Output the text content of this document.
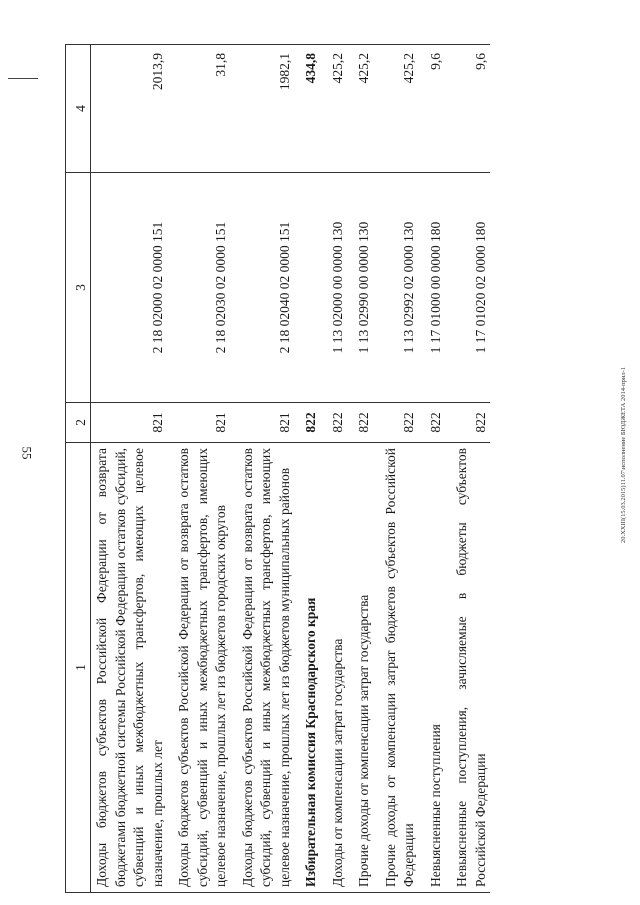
55	20.XXIII(15.03.2015)11.07\исполнение БЮДЖЕТА 2014-прил-1
1	2	3	4
Доходы бюджетов субъектов Российской Федерации от возврата бюджетами бюджетной системы Российской Федерации остатков субсидий, субвенций и иных межбюджетных трансфертов, имеющих целевое назначение, прошлых лет	821	2 18 02000 02 0000 151	2013,9
Доходы бюджетов субъектов Российской Федерации от возврата остатков субсидий, субвенций и иных межбюджетных трансфертов, имеющих целевое назначение, прошлых лет из бюджетов городских округов	821	2 18 02030 02 0000 151	31,8
Доходы бюджетов субъектов Российской Федерации от возврата остатков субсидий, субвенций и иных межбюджетных трансфертов, имеющих целевое назначение, прошлых лет из бюджетов муниципальных районов	821	2 18 02040 02 0000 151	1982,1
Избирательная комиссия Краснодарского края	822		434,8
Доходы от компенсации затрат государства	822	1 13 02000 00 0000 130	425,2
Прочие доходы от компенсации затрат государства	822	1 13 02990 00 0000 130	425,2
Прочие доходы от компенсации затрат бюджетов субъектов Российской Федерации	822	1 13 02992 02 0000 130	425,2
Невыясненные поступления	822	1 17 01000 00 0000 180	9,6
Невыясненные поступления, зачисляемые в бюджеты субъектов Российской Федерации	822	1 17 01020 02 0000 180	9,6
